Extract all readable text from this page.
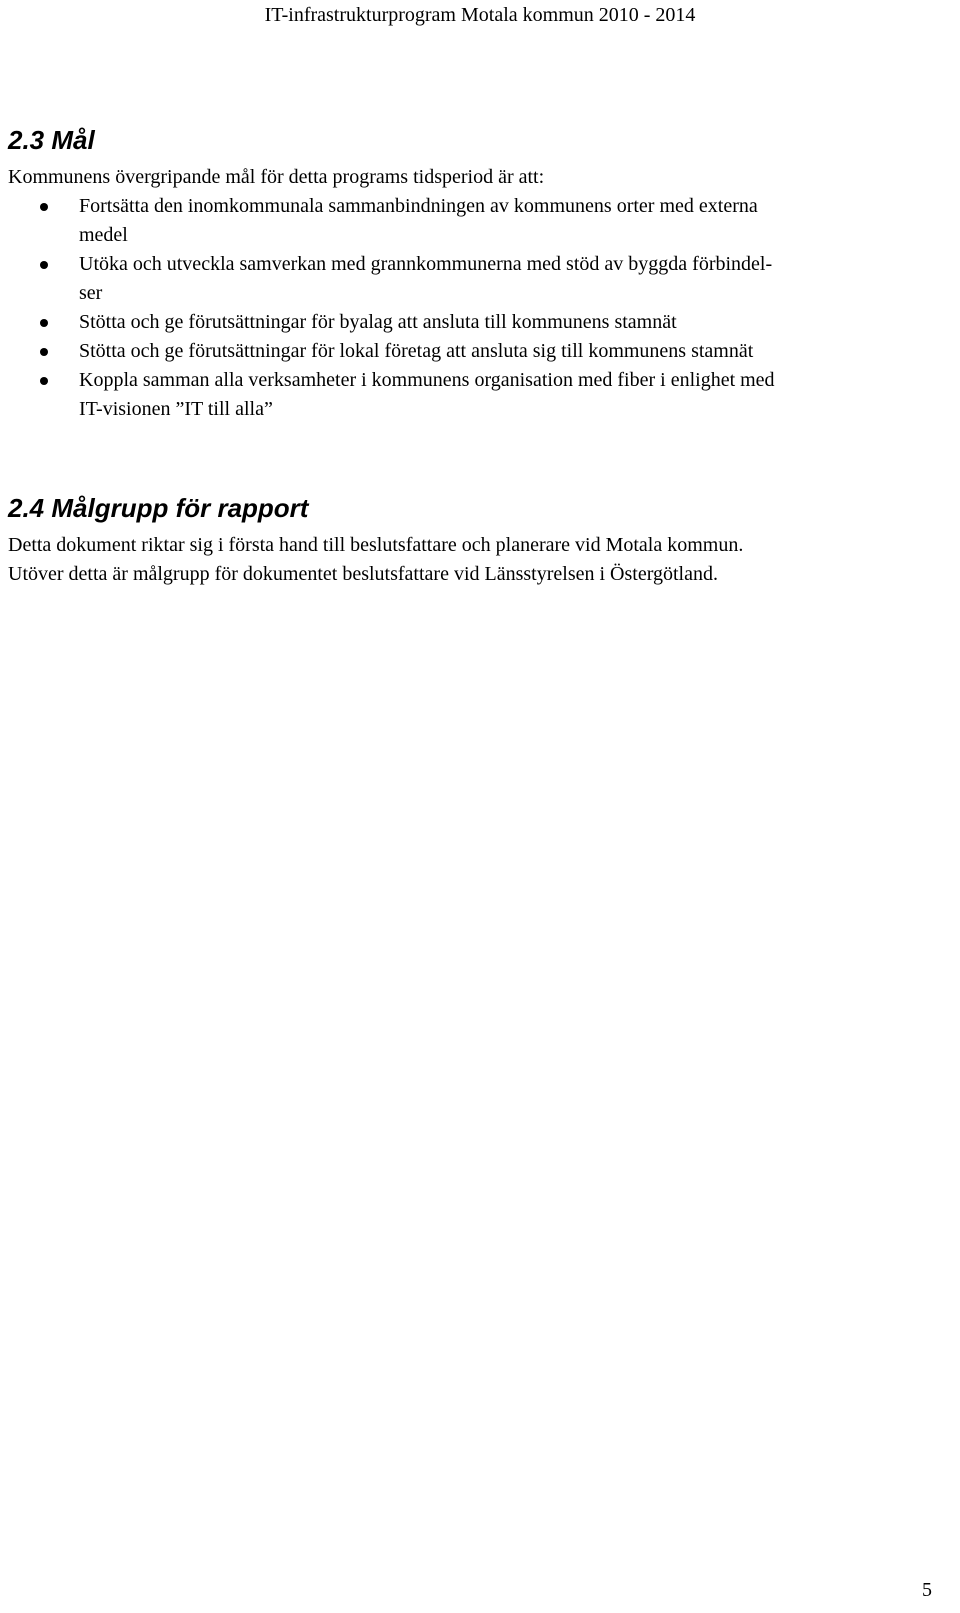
IT-infrastrukturprogram Motala kommun 2010 - 2014
2.3 Mål

Kommunens övergripande mål för detta programs tidsperiod är att:

Fortsätta den inomkommunala sammanbindningen av kommunens orter med externa
medel
Utöka och utveckla samverkan med grannkommunerna med stöd av byggda förbindel-
ser
Stötta och ge förutsättningar för byalag att ansluta till kommunens stamnät
Stötta och ge förutsättningar för lokal företag att ansluta sig till kommunens stamnät
Koppla samman alla verksamheter i kommunens organisation med fiber i enlighet med
IT-visionen ”IT till alla”
2.4 Målgrupp för rapport

Detta dokument riktar sig i första hand till beslutsfattare och planerare vid Motala kommun.
Utöver detta är målgrupp för dokumentet beslutsfattare vid Länsstyrelsen i Östergötland.

5
